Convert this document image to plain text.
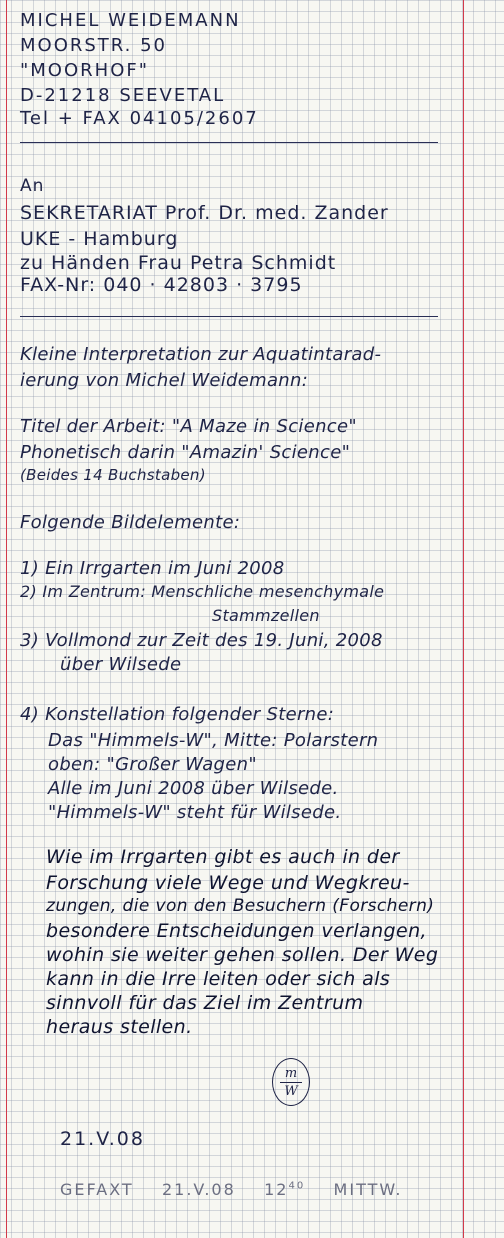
MICHEL WEIDEMANN
MOORSTR. 50
"MOORHOF"
D-21218 SEEVETAL
Tel + FAX 04105/2607
An
SEKRETARIAT Prof. Dr. med. Zander
UKE - Hamburg
zu Händen Frau Petra Schmidt
FAX-Nr: 040 · 42803 · 3795
Kleine Interpretation zur Aquatintarad-
ierung von Michel Weidemann:
Titel der Arbeit: "A Maze in Science"
Phonetisch darin "Amazin' Science"
(Beides 14 Buchstaben)
Folgende Bildelemente:
1) Ein Irrgarten im Juni 2008
2) Im Zentrum: Menschliche mesenchymale
Stammzellen
3) Vollmond zur Zeit des 19. Juni, 2008
über Wilsede
4) Konstellation folgender Sterne:
Das "Himmels-W", Mitte: Polarstern
oben: "Großer Wagen"
Alle im Juni 2008 über Wilsede.
"Himmels-W" steht für Wilsede.
Wie im Irrgarten gibt es auch in der
Forschung viele Wege und Wegkreu-
zungen, die von den Besuchern (Forschern)
besondere Entscheidungen verlangen,
wohin sie weiter gehen sollen. Der Weg
kann in die Irre leiten oder sich als
sinnvoll für das Ziel im Zentrum
heraus stellen.
m
W
21.V.08
GEFAXT 21.V.08 $12^{40}$ MITTW.
